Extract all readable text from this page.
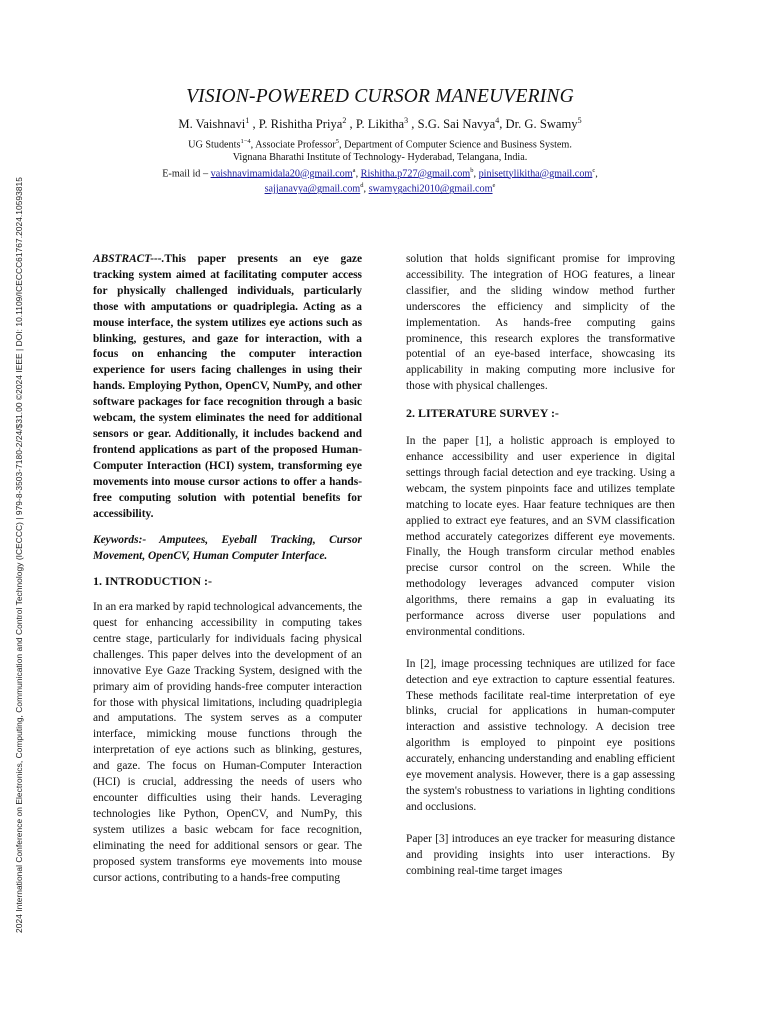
2024 International Conference on Electronics, Computing, Communication and Control Technology (ICECCC) | 979-8-3503-7180-2/24/$31.00 ©2024 IEEE | DOI: 10.1109/ICECCC61767.2024.10593815
VISION-POWERED CURSOR MANEUVERING
M. Vaishnavi$^1$ , P. Rishitha Priya$^2$ , P. Likitha$^3$ , S.G. Sai Navya$^4$, Dr. G. Swamy$^5$
UG Students$^{1-4}$, Associate Professor$^5$, Department of Computer Science and Business System.
Vignana Bharathi Institute of Technology- Hyderabad, Telangana, India.
E-mail id – vaishnavimamidala20@gmail.com$^a$, Rishitha.p727@gmail.com$^b$, pinisettylikitha@gmail.com$^c$,
sajjanavya@gmail.com$^d$, swamygachi2010@gmail.com$^e$

ABSTRACT---.This paper presents an eye gaze tracking system aimed at facilitating computer access for physically challenged individuals, particularly those with amputations or quadriplegia. Acting as a mouse interface, the system utilizes eye actions such as blinking, gestures, and gaze for interaction, with a focus on enhancing the computer interaction experience for users facing challenges in using their hands. Employing Python, OpenCV, NumPy, and other software packages for face recognition through a basic webcam, the system eliminates the need for additional sensors or gear. Additionally, it includes backend and frontend applications as part of the proposed Human-Computer Interaction (HCI) system, transforming eye movements into mouse cursor actions to offer a hands-free computing solution with potential benefits for accessibility.

Keywords:- Amputees, Eyeball Tracking, Cursor Movement, OpenCV, Human Computer Interface.

1. INTRODUCTION :-

In an era marked by rapid technological advancements, the quest for enhancing accessibility in computing takes centre stage, particularly for individuals facing physical challenges. This paper delves into the development of an innovative Eye Gaze Tracking System, designed with the primary aim of providing hands-free computer interaction for those with physical limitations, including quadriplegia and amputations. The system serves as a computer interface, mimicking mouse functions through the interpretation of eye actions such as blinking, gestures, and gaze. The focus on Human-Computer Interaction (HCI) is crucial, addressing the needs of users who encounter difficulties using their hands. Leveraging technologies like Python, OpenCV, and NumPy, this system utilizes a basic webcam for face recognition, eliminating the need for additional sensors or gear. The proposed system transforms eye movements into mouse cursor actions, contributing to a hands-free computing

solution that holds significant promise for improving accessibility. The integration of HOG features, a linear classifier, and the sliding window method further underscores the efficiency and simplicity of the implementation. As hands-free computing gains prominence, this research explores the transformative potential of an eye-based interface, showcasing its applicability in making computing more inclusive for those with physical challenges.

2. LITERATURE SURVEY :-

In the paper [1], a holistic approach is employed to enhance accessibility and user experience in digital settings through facial detection and eye tracking. Using a webcam, the system pinpoints face and utilizes template matching to locate eyes. Haar feature techniques are then applied to extract eye features, and an SVM classification method accurately categorizes different eye movements. Finally, the Hough transform circular method enables precise cursor control on the screen. While the methodology leverages advanced computer vision algorithms, there remains a gap in evaluating its performance across diverse user populations and environmental conditions.

In [2], image processing techniques are utilized for face detection and eye extraction to capture essential features. These methods facilitate real-time interpretation of eye blinks, crucial for applications in human-computer interaction and assistive technology. A decision tree algorithm is employed to pinpoint eye positions accurately, enhancing understanding and enabling efficient eye movement analysis. However, there is a gap assessing the system's robustness to variations in lighting conditions and occlusions.

Paper [3] introduces an eye tracker for measuring distance and providing insights into user interactions. By combining real-time target images
